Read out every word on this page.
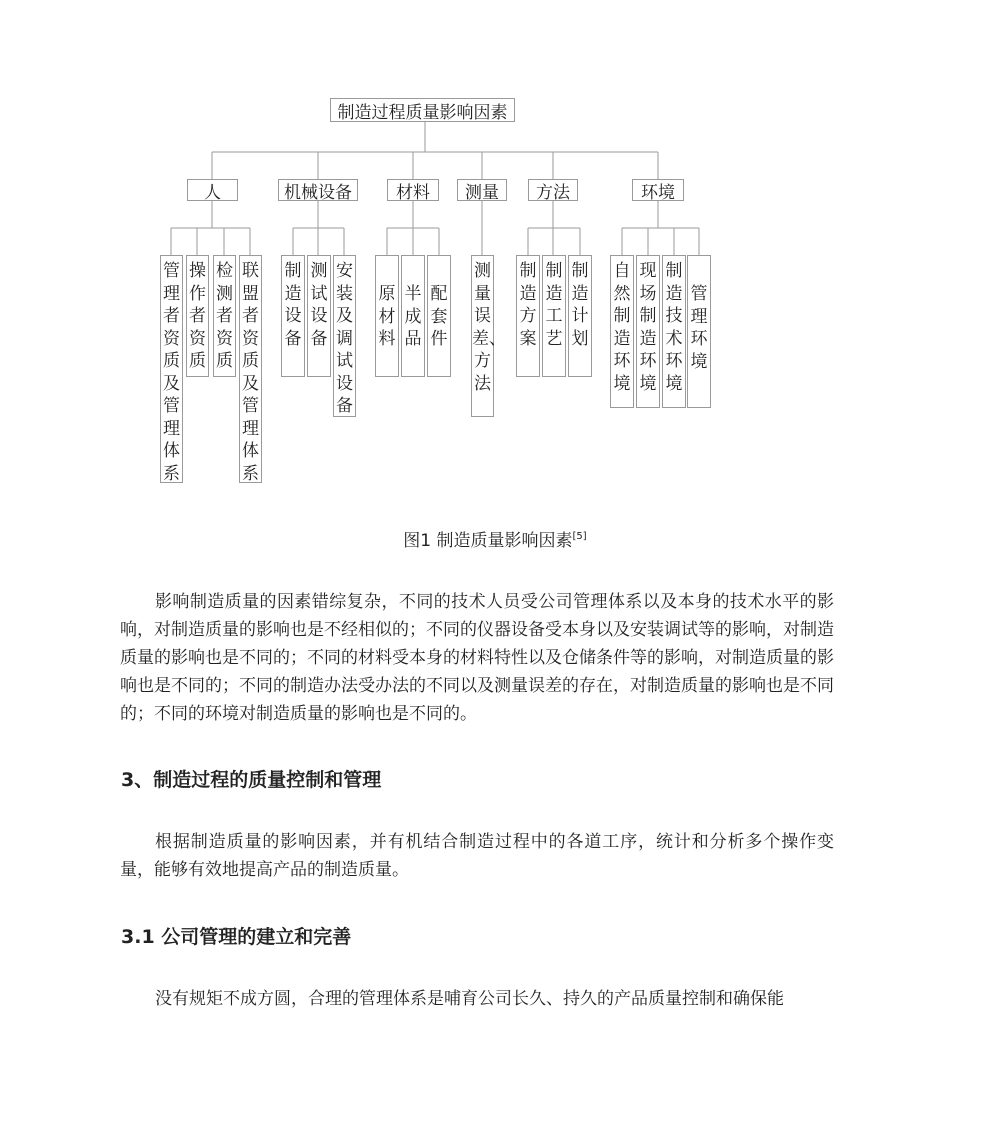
制造过程质量影响因素
人	机械设备	材料	测量	方法	环境
管理者资质及管理体系
操作者资质
检测者资质
联盟者资质及管理体系
制造设备
测试设备
安装及调试设备
原材料
半成品
配套件
测量误差、方法
制造方案
制造工艺
制造计划
自然制造环境
现场制造环境
制造技术环境
管理环境
图1 制造质量影响因素[5]

影响制造质量的因素错综复杂，不同的技术人员受公司管理体系以及本身的技术水平的影响，对制造质量的影响也是不经相似的；不同的仪器设备受本身以及安装调试等的影响，对制造质量的影响也是不同的；不同的材料受本身的材料特性以及仓储条件等的影响，对制造质量的影响也是不同的；不同的制造办法受办法的不同以及测量误差的存在，对制造质量的影响也是不同的；不同的环境对制造质量的影响也是不同的。

3、制造过程的质量控制和管理

根据制造质量的影响因素，并有机结合制造过程中的各道工序，统计和分析多个操作变量，能够有效地提高产品的制造质量。

3.1 公司管理的建立和完善

没有规矩不成方圆，合理的管理体系是哺育公司长久、持久的产品质量控制和确保能
